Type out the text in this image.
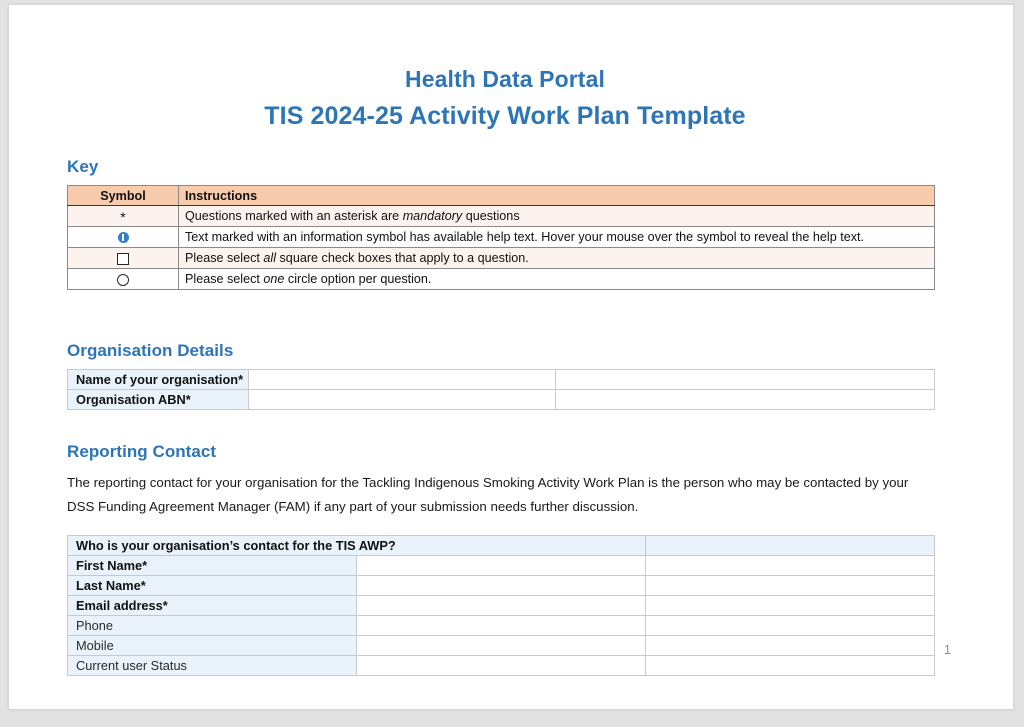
Health Data Portal
TIS 2024-25 Activity Work Plan Template
Key
Symbol	Instructions
*	Questions marked with an asterisk are mandatory questions
	Text marked with an information symbol has available help text. Hover your mouse over the symbol to reveal the help text.
	Please select all square check boxes that apply to a question.
	Please select one circle option per question.
Organisation Details
Name of your organisation*		
Organisation ABN*		
Reporting Contact
The reporting contact for your organisation for the Tackling Indigenous Smoking Activity Work Plan is the person who may be contacted by your DSS Funding Agreement Manager (FAM) if any part of your submission needs further discussion.
Who is your organisation’s contact for the TIS AWP?		
First Name*		
Last Name*		
Email address*		
Phone		
Mobile		
Current user Status		
1
